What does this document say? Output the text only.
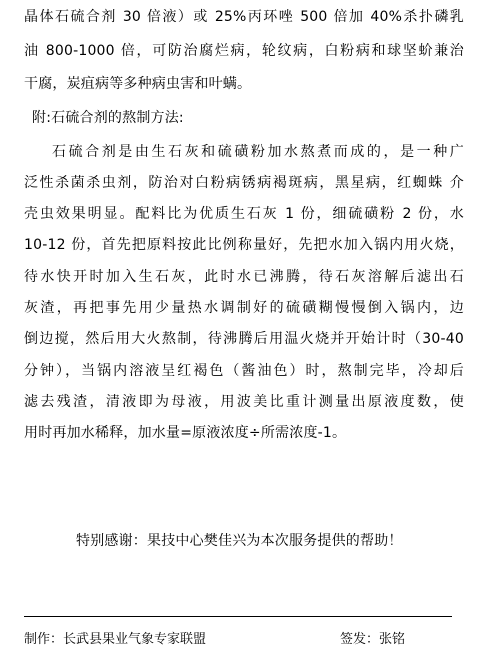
晶体石硫合剂 30 倍液）或 25%丙环唑 500 倍加 40%杀扑磷乳
油 800-1000 倍，可防治腐烂病，轮纹病，白粉病和球坚蚧兼治
干腐，炭疽病等多种病虫害和叶螨。
附:石硫合剂的熬制方法:
石硫合剂是由生石灰和硫磺粉加水熬煮而成的，是一种广
泛性杀菌杀虫剂，防治对白粉病锈病褐斑病，黑星病，红蜘蛛 介
壳虫效果明显。配料比为优质生石灰 1 份，细硫磺粉 2 份，水
10-12 份，首先把原料按此比例称量好，先把水加入锅内用火烧，
待水快开时加入生石灰，此时水已沸腾，待石灰溶解后滤出石
灰渣，再把事先用少量热水调制好的硫磺糊慢慢倒入锅内，边
倒边搅，然后用大火熬制，待沸腾后用温火烧并开始计时（30-40
分钟），当锅内溶液呈红褐色（酱油色）时，熬制完毕，冷却后
滤去残渣，清液即为母液，用波美比重计测量出原液度数，使
用时再加水稀释，加水量=原液浓度÷所需浓度-1。
特别感谢：果技中心樊佳兴为本次服务提供的帮助！
制作：长武县果业气象专家联盟	签发：张铭
